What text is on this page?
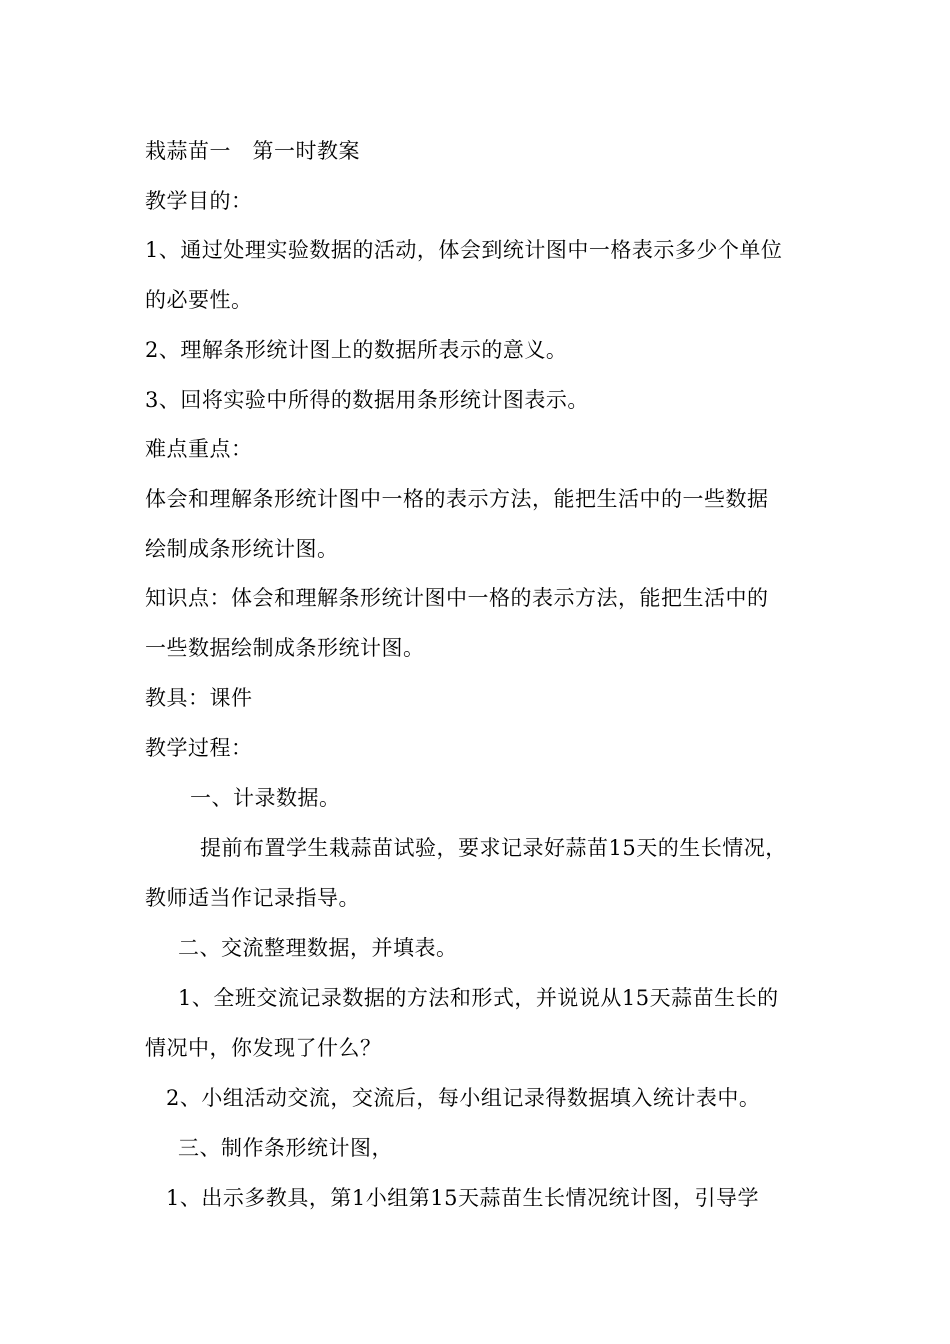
栽蒜苗一　第一时教案
教学目的：
1、通过处理实验数据的活动，体会到统计图中一格表示多少个单位
的必要性。
2、理解条形统计图上的数据所表示的意义。
3、回将实验中所得的数据用条形统计图表示。
难点重点：
体会和理解条形统计图中一格的表示方法，能把生活中的一些数据
绘制成条形统计图。
知识点：体会和理解条形统计图中一格的表示方法，能把生活中的
一些数据绘制成条形统计图。
教具：课件
教学过程：
一、计录数据。
提前布置学生栽蒜苗试验，要求记录好蒜苗15天的生长情况，
教师适当作记录指导。
二、交流整理数据，并填表。
1、全班交流记录数据的方法和形式，并说说从15天蒜苗生长的
情况中，你发现了什么？
2、小组活动交流，交流后，每小组记录得数据填入统计表中。
三、制作条形统计图，
1、出示多教具，第1小组第15天蒜苗生长情况统计图，引导学
